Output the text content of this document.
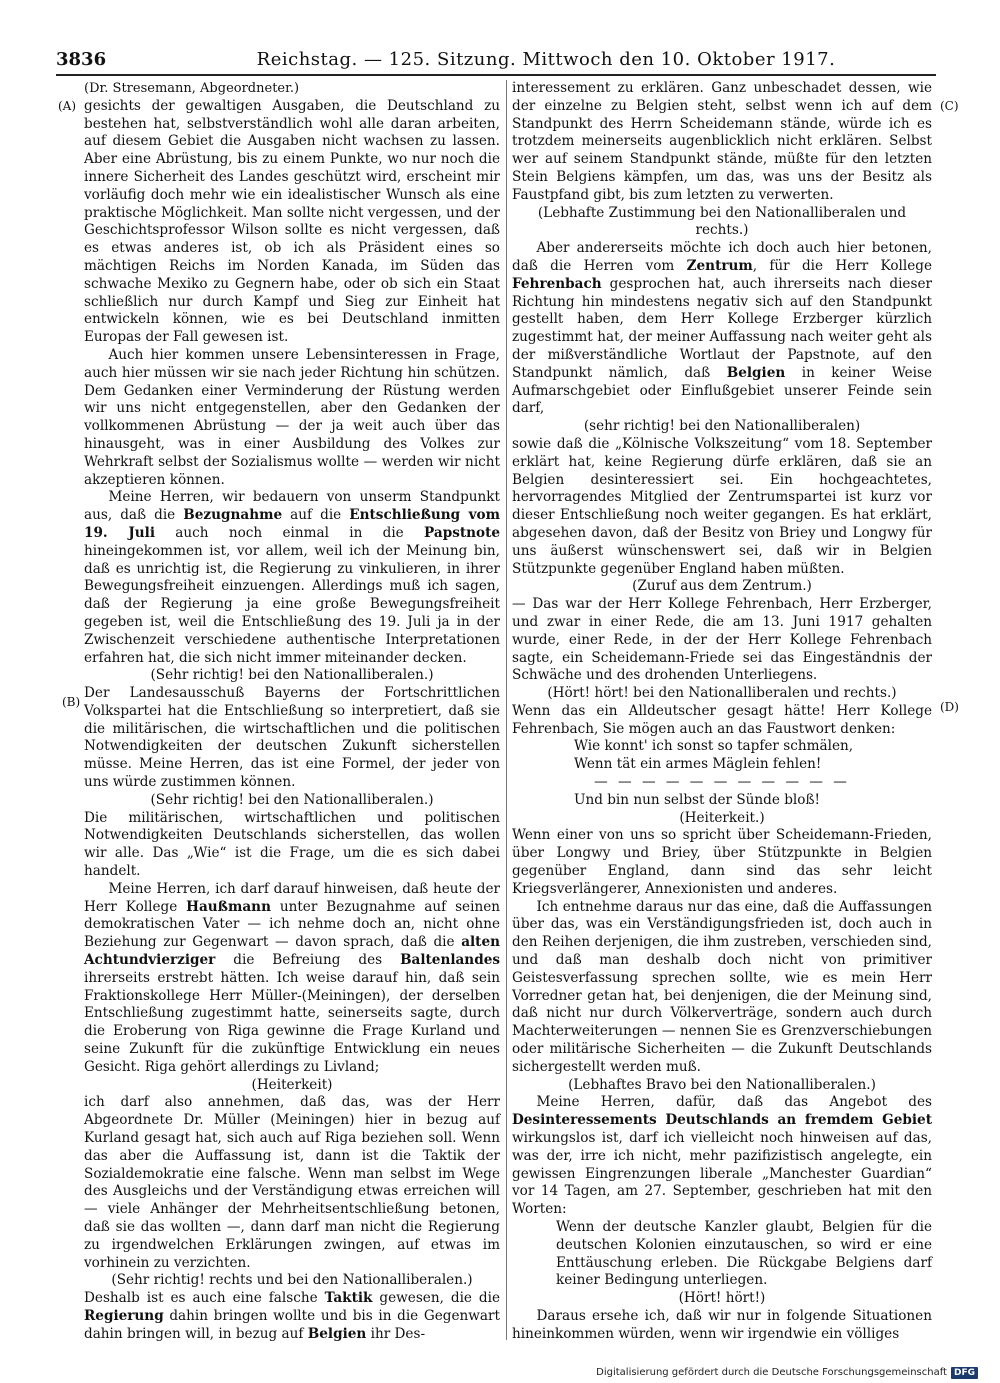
3836	Reichstag. — 125. Sitzung. Mittwoch den 10. Oktober 1917.
(A)
(B)
(C)
(D)

(Dr. Stresemann, Abgeordneter.)

gesichts der gewaltigen Ausgaben, die Deutschland zu bestehen hat, selbstverständlich wohl alle daran arbeiten, auf diesem Gebiet die Ausgaben nicht wachsen zu lassen. Aber eine Abrüstung, bis zu einem Punkte, wo nur noch die innere Sicherheit des Landes geschützt wird, erscheint mir vorläufig doch mehr wie ein idealistischer Wunsch als eine praktische Möglichkeit. Man sollte nicht vergessen, und der Geschichtsprofessor Wilson sollte es nicht vergessen, daß es etwas anderes ist, ob ich als Präsident eines so mächtigen Reichs im Norden Kanada, im Süden das schwache Mexiko zu Gegnern habe, oder ob sich ein Staat schließlich nur durch Kampf und Sieg zur Einheit hat entwickeln können, wie es bei Deutschland inmitten Europas der Fall gewesen ist.

Auch hier kommen unsere Lebensinteressen in Frage, auch hier müssen wir sie nach jeder Richtung hin schützen. Dem Gedanken einer Verminderung der Rüstung werden wir uns nicht entgegenstellen, aber den Gedanken der vollkommenen Abrüstung — der ja weit auch über das hinausgeht, was in einer Ausbildung des Volkes zur Wehrkraft selbst der Sozialismus wollte — werden wir nicht akzeptieren können.

Meine Herren, wir bedauern von unserm Standpunkt aus, daß die Bezugnahme auf die Entschließung vom 19. Juli auch noch einmal in die Papstnote hineingekommen ist, vor allem, weil ich der Meinung bin, daß es unrichtig ist, die Regierung zu vinkulieren, in ihrer Bewegungsfreiheit einzuengen. Allerdings muß ich sagen, daß der Regierung ja eine große Bewegungsfreiheit gegeben ist, weil die Entschließung des 19. Juli ja in der Zwischenzeit verschiedene authentische Interpretationen erfahren hat, die sich nicht immer miteinander decken.

(Sehr richtig! bei den Nationalliberalen.)

Der Landesausschuß Bayerns der Fortschrittlichen Volkspartei hat die Entschließung so interpretiert, daß sie die militärischen, die wirtschaftlichen und die politischen Notwendigkeiten der deutschen Zukunft sicherstellen müsse. Meine Herren, das ist eine Formel, der jeder von uns würde zustimmen können.

(Sehr richtig! bei den Nationalliberalen.)

Die militärischen, wirtschaftlichen und politischen Notwendigkeiten Deutschlands sicherstellen, das wollen wir alle. Das „Wie“ ist die Frage, um die es sich dabei handelt.

Meine Herren, ich darf darauf hinweisen, daß heute der Herr Kollege Haußmann unter Bezugnahme auf seinen demokratischen Vater — ich nehme doch an, nicht ohne Beziehung zur Gegenwart — davon sprach, daß die alten Achtundvierziger die Befreiung des Baltenlandes ihrerseits erstrebt hätten. Ich weise darauf hin, daß sein Fraktionskollege Herr Müller-(Meiningen), der derselben Entschließung zugestimmt hatte, seinerseits sagte, durch die Eroberung von Riga gewinne die Frage Kurland und seine Zukunft für die zukünftige Entwicklung ein neues Gesicht. Riga gehört allerdings zu Livland;

(Heiterkeit)

ich darf also annehmen, daß das, was der Herr Abgeordnete Dr. Müller (Meiningen) hier in bezug auf Kurland gesagt hat, sich auch auf Riga beziehen soll. Wenn das aber die Auffassung ist, dann ist die Taktik der Sozialdemokratie eine falsche. Wenn man selbst im Wege des Ausgleichs und der Verständigung etwas erreichen will — viele Anhänger der Mehrheitsentschließung betonen, daß sie das wollten —, dann darf man nicht die Regierung zu irgendwelchen Erklärungen zwingen, auf etwas im vorhinein zu verzichten.

(Sehr richtig! rechts und bei den Nationalliberalen.)

Deshalb ist es auch eine falsche Taktik gewesen, die die Regierung dahin bringen wollte und bis in die Gegenwart dahin bringen will, in bezug auf Belgien ihr Des-

interessement zu erklären. Ganz unbeschadet dessen, wie der einzelne zu Belgien steht, selbst wenn ich auf dem Standpunkt des Herrn Scheidemann stände, würde ich es trotzdem meinerseits augenblicklich nicht erklären. Selbst wer auf seinem Standpunkt stände, müßte für den letzten Stein Belgiens kämpfen, um das, was uns der Besitz als Faustpfand gibt, bis zum letzten zu verwerten.

(Lebhafte Zustimmung bei den Nationalliberalen und rechts.)

Aber andererseits möchte ich doch auch hier betonen, daß die Herren vom Zentrum, für die Herr Kollege Fehrenbach gesprochen hat, auch ihrerseits nach dieser Richtung hin mindestens negativ sich auf den Standpunkt gestellt haben, dem Herr Kollege Erzberger kürzlich zugestimmt hat, der meiner Auffassung nach weiter geht als der mißverständliche Wortlaut der Papstnote, auf den Standpunkt nämlich, daß Belgien in keiner Weise Aufmarschgebiet oder Einflußgebiet unserer Feinde sein darf,

(sehr richtig! bei den Nationalliberalen)

sowie daß die „Kölnische Volkszeitung“ vom 18. September erklärt hat, keine Regierung dürfe erklären, daß sie an Belgien desinteressiert sei. Ein hochgeachtetes, hervorragendes Mitglied der Zentrumspartei ist kurz vor dieser Entschließung noch weiter gegangen. Es hat erklärt, abgesehen davon, daß der Besitz von Briey und Longwy für uns äußerst wünschenswert sei, daß wir in Belgien Stützpunkte gegenüber England haben müßten.

(Zuruf aus dem Zentrum.)

— Das war der Herr Kollege Fehrenbach, Herr Erzberger, und zwar in einer Rede, die am 13. Juni 1917 gehalten wurde, einer Rede, in der der Herr Kollege Fehrenbach sagte, ein Scheidemann-Friede sei das Eingeständnis der Schwäche und des drohenden Unterliegens.

(Hört! hört! bei den Nationalliberalen und rechts.)

Wenn das ein Alldeutscher gesagt hätte! Herr Kollege Fehrenbach, Sie mögen auch an das Faustwort denken:

Wie konnt' ich sonst so tapfer schmälen,

Wenn tät ein armes Mäglein fehlen!

— — — — — — — — — — —

Und bin nun selbst der Sünde bloß!

(Heiterkeit.)

Wenn einer von uns so spricht über Scheidemann-Frieden, über Longwy und Briey, über Stützpunkte in Belgien gegenüber England, dann sind das sehr leicht Kriegsverlängerer, Annexionisten und anderes.

Ich entnehme daraus nur das eine, daß die Auffassungen über das, was ein Verständigungsfrieden ist, doch auch in den Reihen derjenigen, die ihm zustreben, verschieden sind, und daß man deshalb doch nicht von primitiver Geistesverfassung sprechen sollte, wie es mein Herr Vorredner getan hat, bei denjenigen, die der Meinung sind, daß nicht nur durch Völkerverträge, sondern auch durch Machterweiterungen — nennen Sie es Grenzverschiebungen oder militärische Sicherheiten — die Zukunft Deutschlands sichergestellt werden muß.

(Lebhaftes Bravo bei den Nationalliberalen.)

Meine Herren, dafür, daß das Angebot des Desinteressements Deutschlands an fremdem Gebiet wirkungslos ist, darf ich vielleicht noch hinweisen auf das, was der, irre ich nicht, mehr pazifizistisch angelegte, ein gewissen Eingrenzungen liberale „Manchester Guardian“ vor 14 Tagen, am 27. September, geschrieben hat mit den Worten:

Wenn der deutsche Kanzler glaubt, Belgien für die deutschen Kolonien einzutauschen, so wird er eine Enttäuschung erleben. Die Rückgabe Belgiens darf keiner Bedingung unterliegen.

(Hört! hört!)

Daraus ersehe ich, daß wir nur in folgende Situationen hineinkommen würden, wenn wir irgendwie ein völliges

Digitalisierung gefördert durch die Deutsche Forschungsgemeinschaft DFG
